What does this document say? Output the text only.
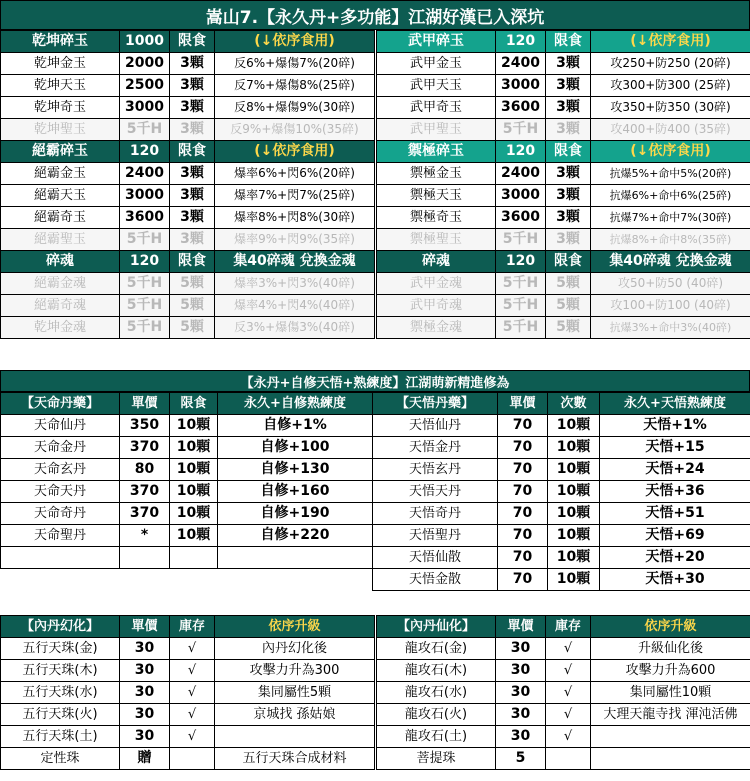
嵩山7.【永久丹+多功能】江湖好漢已入深坑
乾坤碎玉	1000	限食	(↓依序食用)
乾坤金玉	2000	3顆	反6%+爆傷7%(20碎)
乾坤天玉	2500	3顆	反7%+爆傷8%(25碎)
乾坤奇玉	3000	3顆	反8%+爆傷9%(30碎)
乾坤聖玉	5千H	3顆	反9%+爆傷10%(35碎)
絕霸碎玉	120	限食	(↓依序食用)
絕霸金玉	2400	3顆	爆率6%+閃6%(20碎)
絕霸天玉	3000	3顆	爆率7%+閃7%(25碎)
絕霸奇玉	3600	3顆	爆率8%+閃8%(30碎)
絕霸聖玉	5千H	3顆	爆率9%+閃9%(35碎)
碎魂	120	限食	集40碎魂 兌換金魂
絕霸金魂	5千H	5顆	爆率3%+閃3%(40碎)
絕霸奇魂	5千H	5顆	爆率4%+閃4%(40碎)
乾坤金魂	5千H	5顆	反3%+爆傷3%(40碎)
武甲碎玉	120	限食	(↓依序食用)
武甲金玉	2400	3顆	攻250+防250 (20碎)
武甲天玉	3000	3顆	攻300+防300 (25碎)
武甲奇玉	3600	3顆	攻350+防350 (30碎)
武甲聖玉	5千H	3顆	攻400+防400 (35碎)
禦極碎玉	120	限食	(↓依序食用)
禦極金玉	2400	3顆	抗爆5%+命中5%(20碎)
禦極天玉	3000	3顆	抗爆6%+命中6%(25碎)
禦極奇玉	3600	3顆	抗爆7%+命中7%(30碎)
禦極聖玉	5千H	3顆	抗爆8%+命中8%(35碎)
碎魂	120	限食	集40碎魂 兌換金魂
武甲金魂	5千H	5顆	攻50+防50 (40碎)
武甲奇魂	5千H	5顆	攻100+防100 (40碎)
禦極金魂	5千H	5顆	抗爆3%+命中3%(40碎)
【永丹+自修天悟+熟練度】江湖萌新精進修為
【天命丹藥】	單價	限食	永久+自修熟練度
天命仙丹	350	10顆	自修+1%
天命金丹	370	10顆	自修+100
天命玄丹	80	10顆	自修+130
天命天丹	370	10顆	自修+160
天命奇丹	370	10顆	自修+190
天命聖丹	*	10顆	自修+220

【天悟丹藥】	單價	次數	永久+天悟熟練度
天悟仙丹	70	10顆	天悟+1%
天悟金丹	70	10顆	天悟+15
天悟玄丹	70	10顆	天悟+24
天悟天丹	70	10顆	天悟+36
天悟奇丹	70	10顆	天悟+51
天悟聖丹	70	10顆	天悟+69
天悟仙散	70	10顆	天悟+20
天悟金散	70	10顆	天悟+30
【內丹幻化】	單價	庫存	依序升級
五行天珠(金)	30	√	內丹幻化後
五行天珠(木)	30	√	攻擊力升為300
五行天珠(水)	30	√	集同屬性5顆
五行天珠(火)	30	√	京城找 孫姑娘
五行天珠(土)	30	√	
定性珠	贈		五行天珠合成材料
【內丹仙化】	單價	庫存	依序升級
龍攻石(金)	30	√	升級仙化後
龍攻石(木)	30	√	攻擊力升為600
龍攻石(水)	30	√	集同屬性10顆
龍攻石(火)	30	√	大理天龍寺找 渾沌活佛
龍攻石(土)	30	√	
菩提珠	5		
